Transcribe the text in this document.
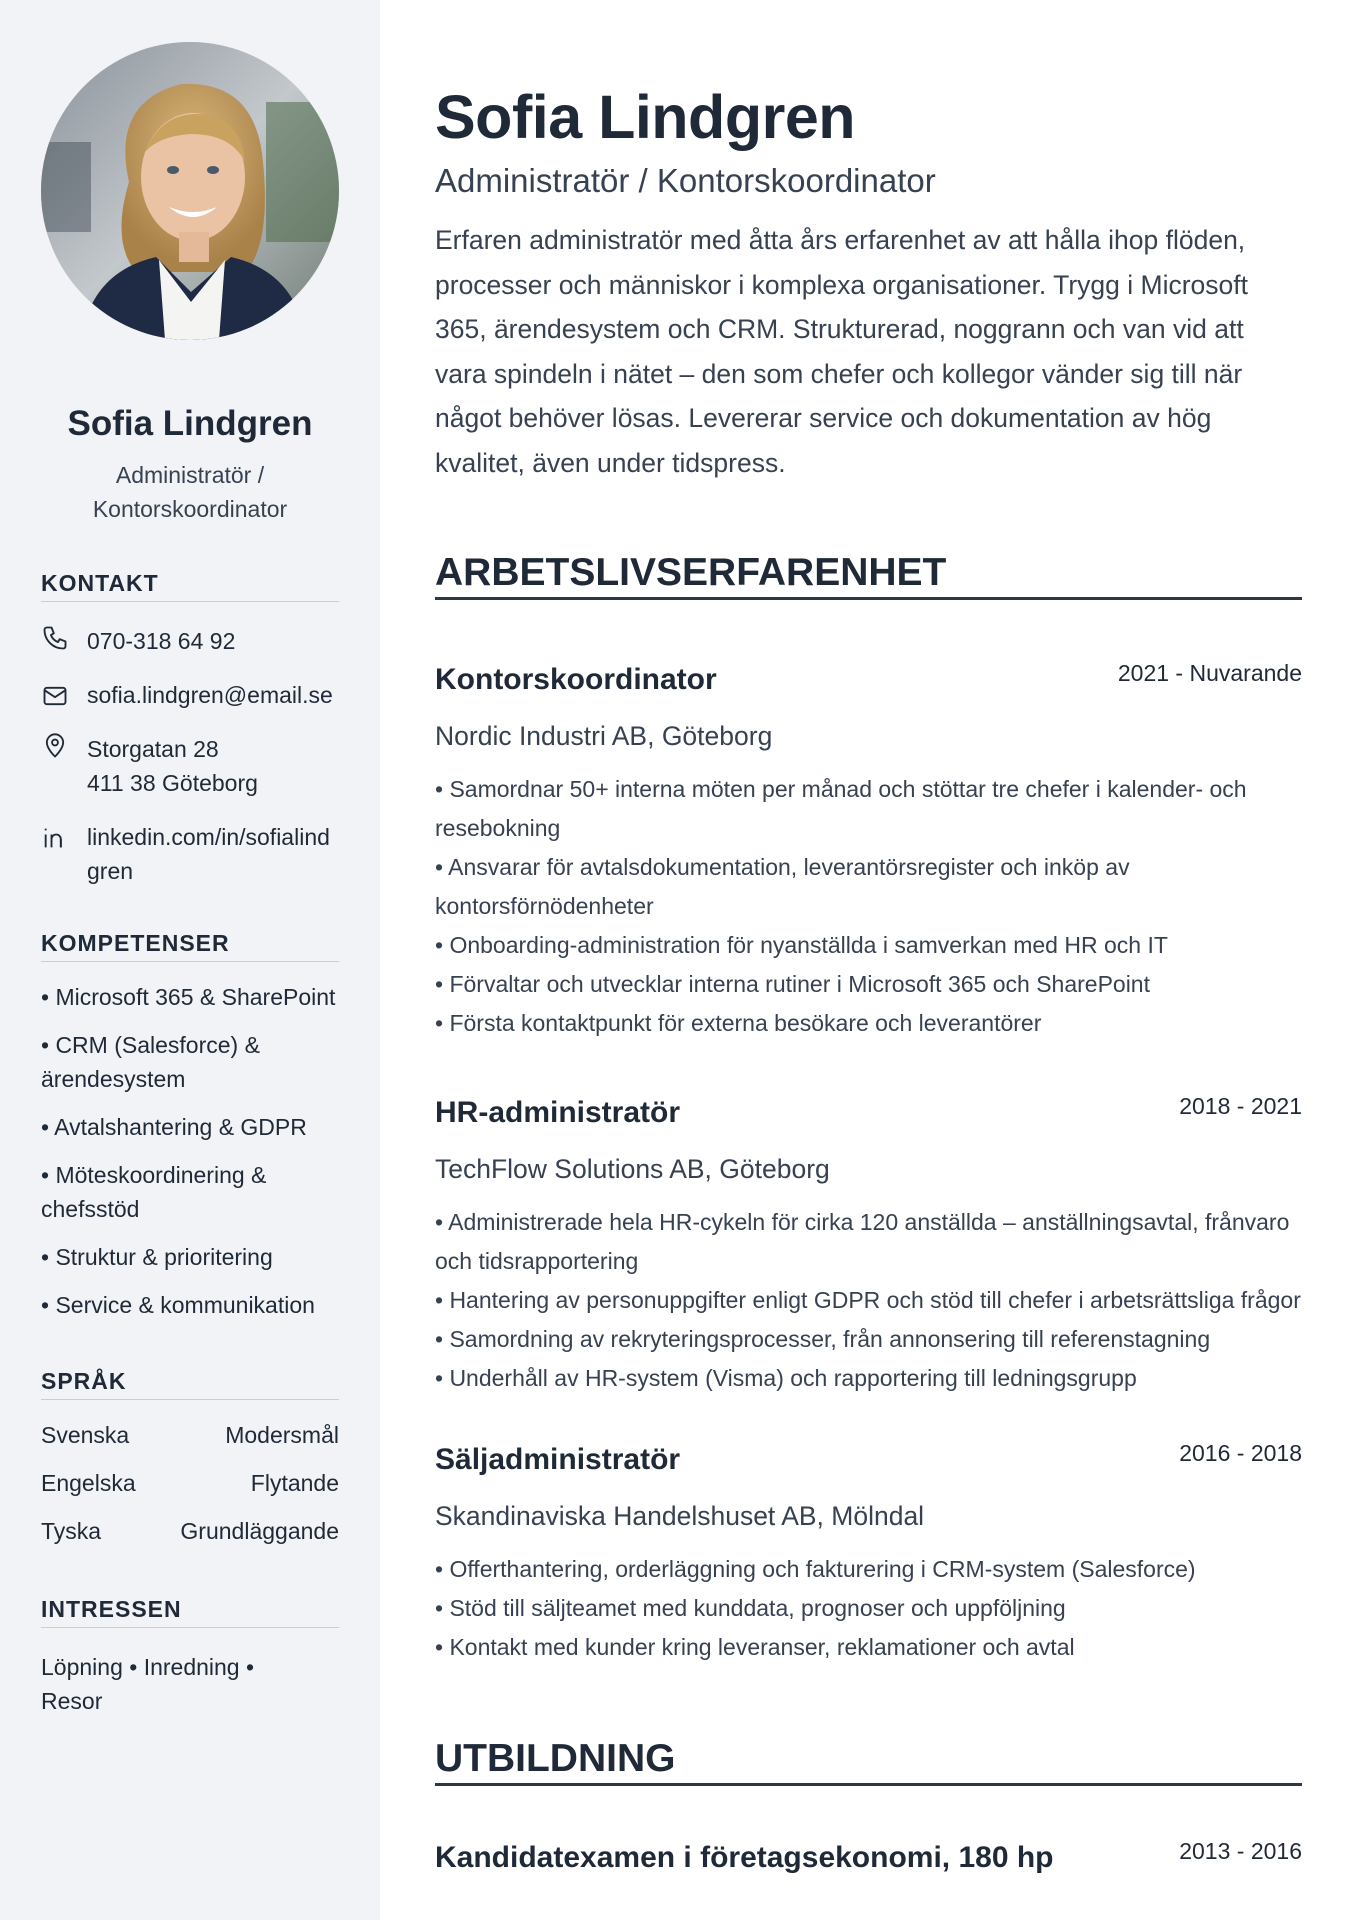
Sofia Lindgren
Administratör / Kontorskoordinator
KONTAKT
070-318 64 92
sofia.lindgren@email.se
Storgatan 28
411 38 Göteborg
linkedin.com/in/sofialindgren
KOMPETENSER
• Microsoft 365 & SharePoint
• CRM (Salesforce) & ärendesystem
• Avtalshantering & GDPR
• Möteskoordinering & chefsstöd
• Struktur & prioritering
• Service & kommunikation
SPRÅK
Svenska	Modersmål
Engelska	Flytande
Tyska	Grundläggande
INTRESSEN
Löpning • Inredning • Resor
Sofia Lindgren
Administratör / Kontorskoordinator

Erfaren administratör med åtta års erfarenhet av att hålla ihop flöden, processer och människor i komplexa organisationer. Trygg i Microsoft 365, ärendesystem och CRM. Strukturerad, noggrann och van vid att vara spindeln i nätet – den som chefer och kollegor vänder sig till när något behöver lösas. Levererar service och dokumentation av hög kvalitet, även under tidspress.

ARBETSLIVSERFARENHET
Kontorskoordinator	2021 - Nuvarande
Nordic Industri AB, Göteborg
• Samordnar 50+ interna möten per månad och stöttar tre chefer i kalender- och resebokning
• Ansvarar för avtalsdokumentation, leverantörsregister och inköp av kontorsförnödenheter
• Onboarding-administration för nyanställda i samverkan med HR och IT
• Förvaltar och utvecklar interna rutiner i Microsoft 365 och SharePoint
• Första kontaktpunkt för externa besökare och leverantörer
HR-administratör	2018 - 2021
TechFlow Solutions AB, Göteborg
• Administrerade hela HR-cykeln för cirka 120 anställda – anställningsavtal, frånvaro och tidsrapportering
• Hantering av personuppgifter enligt GDPR och stöd till chefer i arbetsrättsliga frågor
• Samordning av rekryteringsprocesser, från annonsering till referenstagning
• Underhåll av HR-system (Visma) och rapportering till ledningsgrupp
Säljadministratör	2016 - 2018
Skandinaviska Handelshuset AB, Mölndal
• Offerthantering, orderläggning och fakturering i CRM-system (Salesforce)
• Stöd till säljteamet med kunddata, prognoser och uppföljning
• Kontakt med kunder kring leveranser, reklamationer och avtal
UTBILDNING
Kandidatexamen i företagsekonomi, 180 hp	2013 - 2016
